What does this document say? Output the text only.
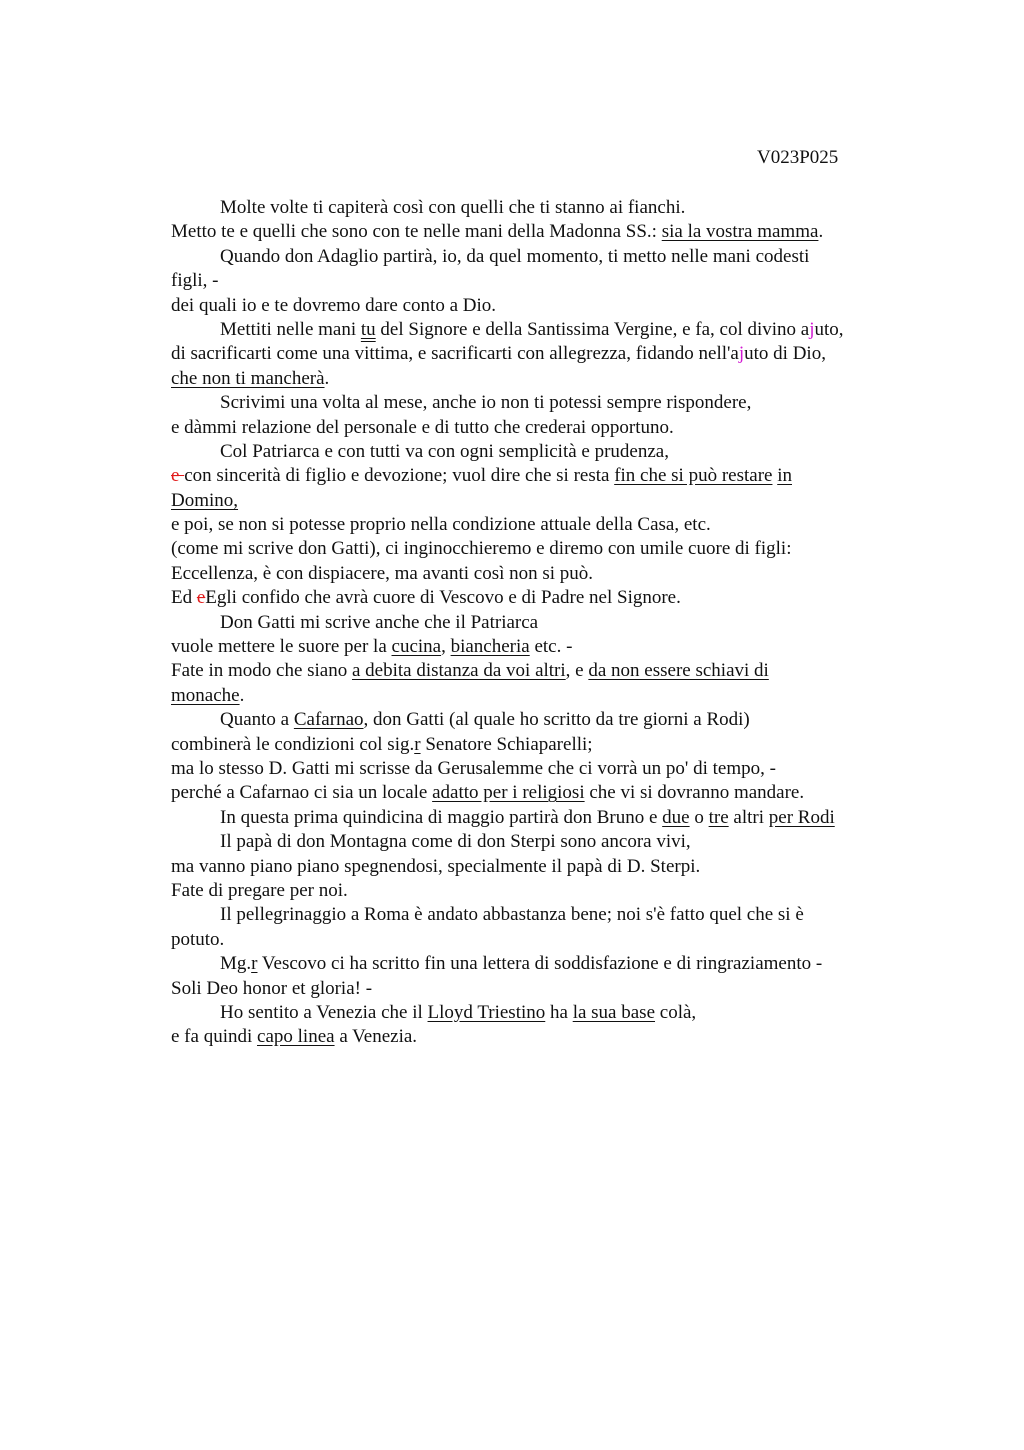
V023P025
Molte volte ti capiterà così con quelli che ti stanno ai fianchi.
Metto te e quelli che sono con te nelle mani della Madonna SS.: sia la vostra mamma.
Quando don Adaglio partirà, io, da quel momento, ti metto nelle mani codesti
figli, -
dei quali io e te dovremo dare conto a Dio.
Mettiti nelle mani tu del Signore e della Santissima Vergine, e fa, col divino ajuto,
di sacrificarti come una vittima, e sacrificarti con allegrezza, fidando nell'ajuto di Dio,
che non ti mancherà.
Scrivimi una volta al mese, anche io non ti potessi sempre rispondere,
e dàmmi relazione del personale e di tutto che crederai opportuno.
Col Patriarca e con tutti va con ogni semplicità e prudenza,
e con sincerità di figlio e devozione; vuol dire che si resta fin che si può restare in
Domino,
e poi, se non si potesse proprio nella condizione attuale della Casa, etc.
(come mi scrive don Gatti), ci inginocchieremo e diremo con umile cuore di figli:
Eccellenza, è con dispiacere, ma avanti così non si può.
Ed eEgli confido che avrà cuore di Vescovo e di Padre nel Signore.
Don Gatti mi scrive anche che il Patriarca
vuole mettere le suore per la cucina, biancheria etc. -
Fate in modo che siano a debita distanza da voi altri, e da non essere schiavi di
monache.
Quanto a Cafarnao, don Gatti (al quale ho scritto da tre giorni a Rodi)
combinerà le condizioni col sig.r Senatore Schiaparelli;
ma lo stesso D. Gatti mi scrisse da Gerusalemme che ci vorrà un po' di tempo, -
perché a Cafarnao ci sia un locale adatto per i religiosi che vi si dovranno mandare.
In questa prima quindicina di maggio partirà don Bruno e due o tre altri per Rodi
Il papà di don Montagna come di don Sterpi sono ancora vivi,
ma vanno piano piano spegnendosi, specialmente il papà di D. Sterpi.
Fate di pregare per noi.
Il pellegrinaggio a Roma è andato abbastanza bene; noi s'è fatto quel che si è
potuto.
Mg.r Vescovo ci ha scritto fin una lettera di soddisfazione e di ringraziamento -
Soli Deo honor et gloria! -
Ho sentito a Venezia che il Lloyd Triestino ha la sua base colà,
e fa quindi capo linea a Venezia.
